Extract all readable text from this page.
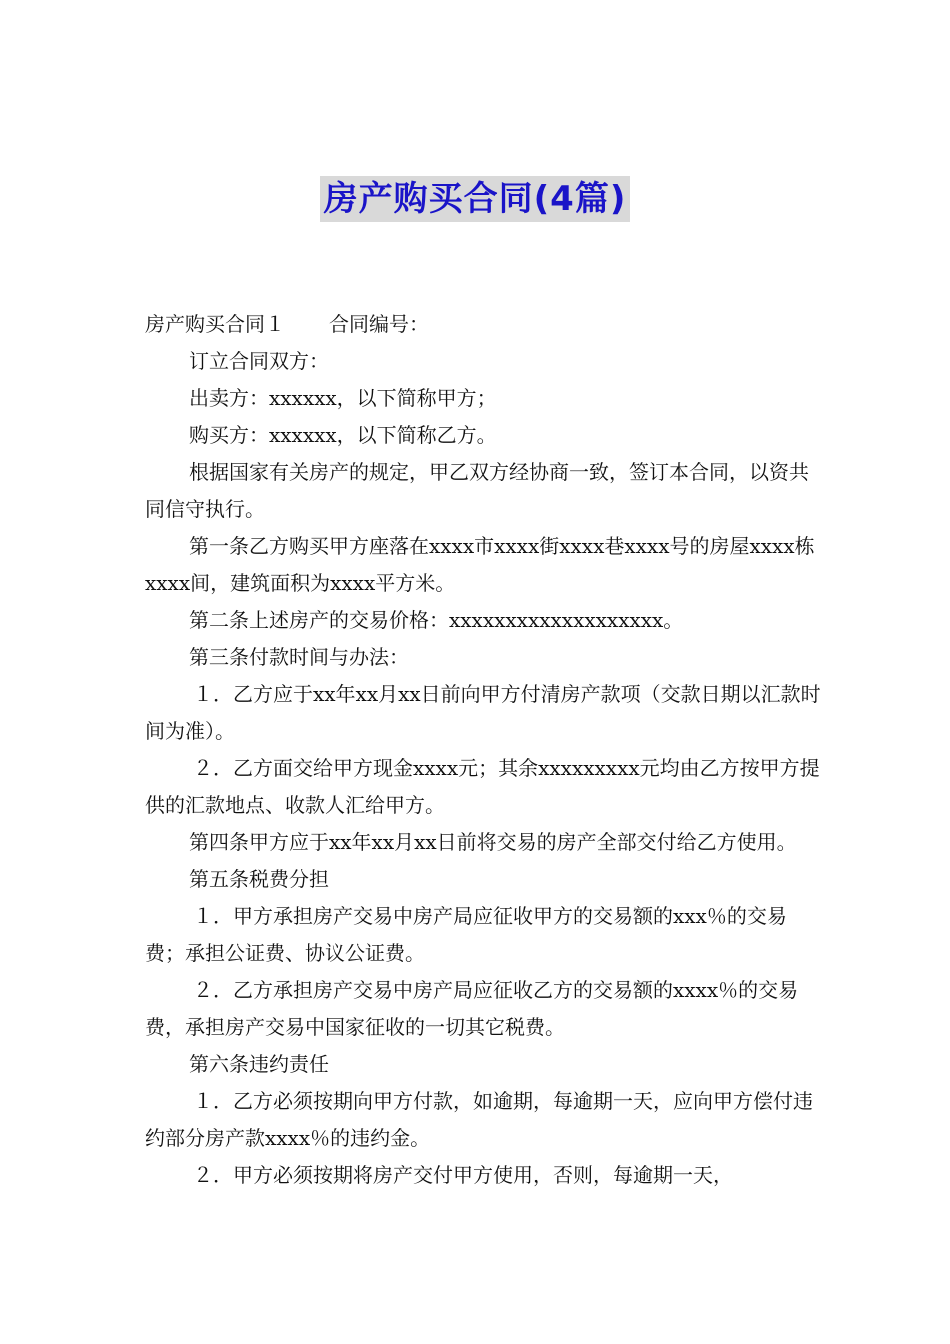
房产购买合同(4篇)

房产购买合同１ 合同编号：

订立合同双方：

出卖方：xxxxxx，以下简称甲方；

购买方：xxxxxx，以下简称乙方。

根据国家有关房产的规定，甲乙双方经协商一致，签订本合同，以资共同信守执行。

第一条乙方购买甲方座落在xxxx市xxxx街xxxx巷xxxx号的房屋xxxx栋xxxx间，建筑面积为xxxx平方米。

第二条上述房产的交易价格：xxxxxxxxxxxxxxxxxxx。

第三条付款时间与办法：

１．乙方应于xx年xx月xx日前向甲方付清房产款项（交款日期以汇款时间为准）。

２．乙方面交给甲方现金xxxx元；其余xxxxxxxxx元均由乙方按甲方提供的汇款地点、收款人汇给甲方。

第四条甲方应于xx年xx月xx日前将交易的房产全部交付给乙方使用。

第五条税费分担

１．甲方承担房产交易中房产局应征收甲方的交易额的xxx％的交易费；承担公证费、协议公证费。

２．乙方承担房产交易中房产局应征收乙方的交易额的xxxx％的交易费，承担房产交易中国家征收的一切其它税费。

第六条违约责任

１．乙方必须按期向甲方付款，如逾期，每逾期一天，应向甲方偿付违约部分房产款xxxx％的违约金。

２．甲方必须按期将房产交付甲方使用，否则，每逾期一天，
